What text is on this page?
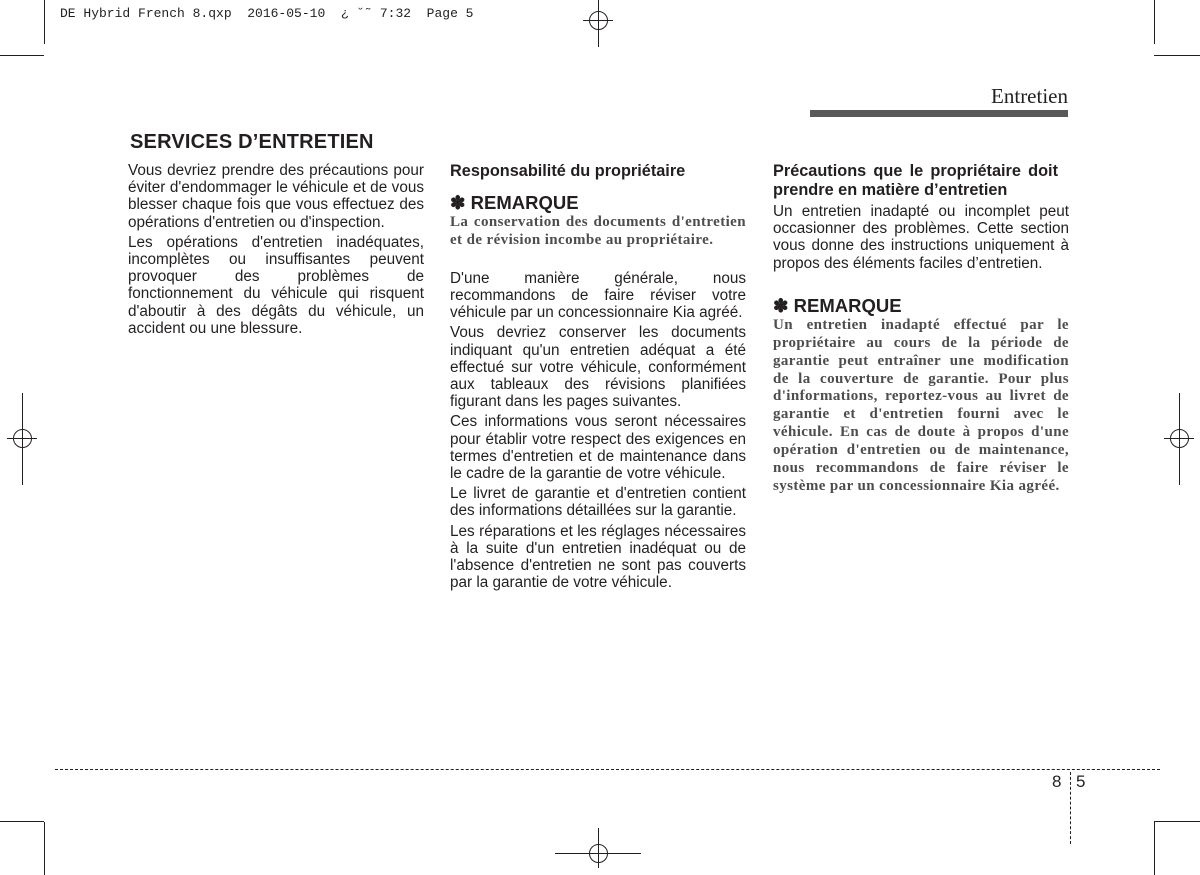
DE Hybrid French 8.qxp  2016-05-10  ¿ ˘˜ 7:32  Page 5
Entretien
SERVICES D’ENTRETIEN

Vous devriez prendre des précautions pour éviter d'endommager le véhicule et de vous blesser chaque fois que vous effectuez des opérations d'entretien ou d'inspection.

Les opérations d'entretien inadéquates, incomplètes ou insuffisantes peuvent provoquer des problèmes de fonctionnement du véhicule qui risquent d'aboutir à des dégâts du véhicule, un accident ou une blessure.

Responsabilité du propriétaire
✽ REMARQUE
La conservation des documents d'entretien et de révision incombe au propriétaire.

D'une manière générale, nous recommandons de faire réviser votre véhicule par un concessionnaire Kia agréé.

Vous devriez conserver les documents indiquant qu'un entretien adéquat a été effectué sur votre véhicule, conformément aux tableaux des révisions planifiées figurant dans les pages suivantes.

Ces informations vous seront nécessaires pour établir votre respect des exigences en termes d'entretien et de maintenance dans le cadre de la garantie de votre véhicule.

Le livret de garantie et d'entretien contient des informations détaillées sur la garantie.

Les réparations et les réglages nécessaires à la suite d'un entretien inadéquat ou de l'absence d'entretien ne sont pas couverts par la garantie de votre véhicule.

Précautions que le propriétaire doit prendre en matière d’entretien

Un entretien inadapté ou incomplet peut occasionner des problèmes. Cette section vous donne des instructions uniquement à propos des éléments faciles d’entretien.

✽ REMARQUE
Un entretien inadapté effectué par le propriétaire au cours de la période de garantie peut entraîner une modification de la couverture de garantie. Pour plus d'informations, reportez-vous au livret de garantie et d'entretien fourni avec le véhicule. En cas de doute à propos d'une opération d'entretien ou de maintenance, nous recommandons de faire réviser le système par un concessionnaire Kia agréé.
8 5
